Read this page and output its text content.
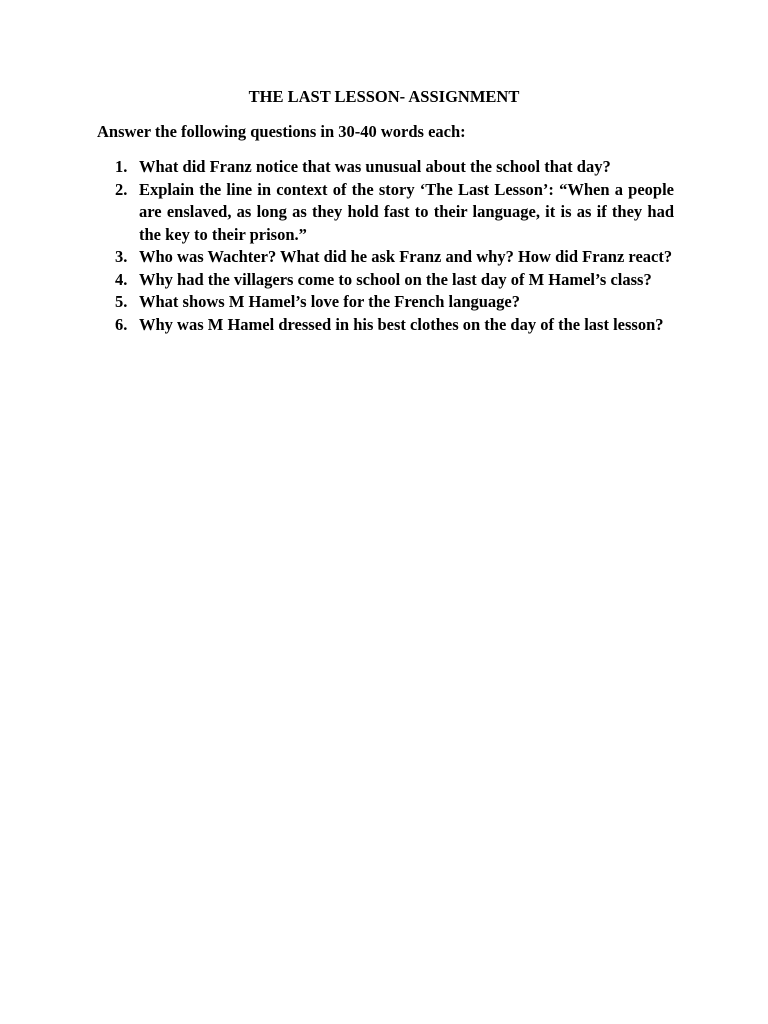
THE LAST LESSON- ASSIGNMENT

Answer the following questions in 30-40 words each:

1. What did Franz notice that was unusual about the school that day?
2. Explain the line in context of the story ‘The Last Lesson’: “When a people are enslaved, as long as they hold fast to their language, it is as if they had the key to their prison.”
3. Who was Wachter? What did he ask Franz and why? How did Franz react?
4. Why had the villagers come to school on the last day of M Hamel’s class?
5. What shows M Hamel’s love for the French language?
6. Why was M Hamel dressed in his best clothes on the day of the last lesson?
